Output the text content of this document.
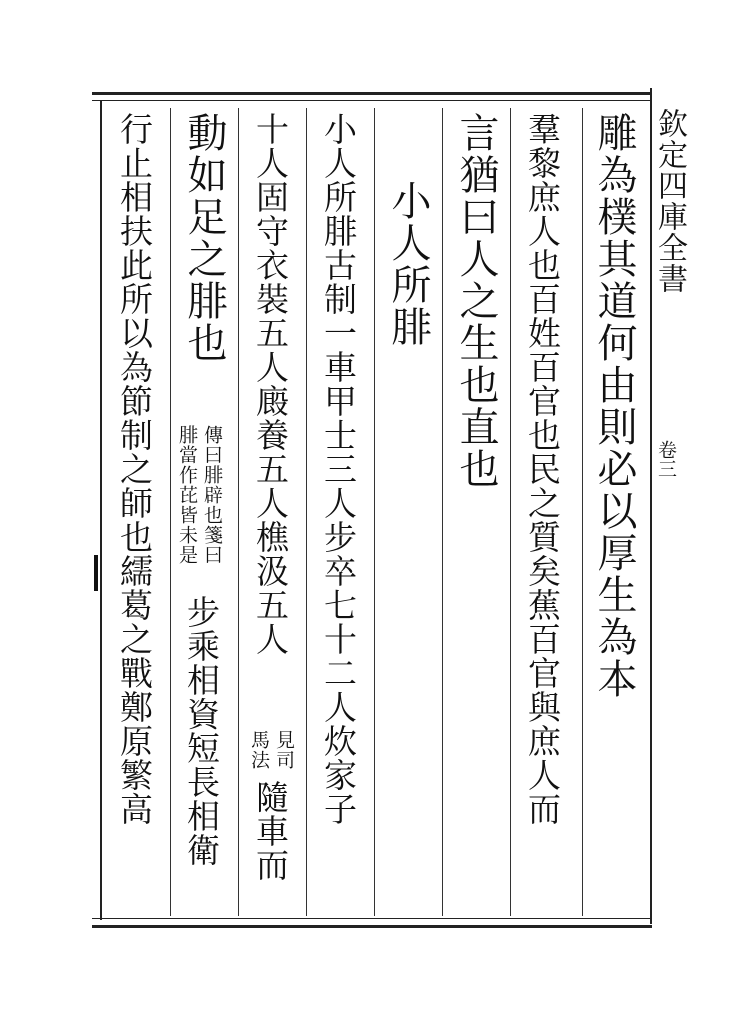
欽定四庫全書
卷三
雕為樸其道何由則必以厚生為本
羣黎庶人也百姓百官也民之質矣蕉百官與庶人而
言猶曰人之生也直也
小人所腓
小人所腓古制一車甲士三人步卒七十二人炊家子
十人固守衣裝五人廄養五人樵汲五人
見司
馬法
隨車而
動如足之腓也
傳曰腓辟也箋曰
腓當作芘皆未是
步乘相資短長相衛
行止相扶此所以為節制之師也繻葛之戰鄭原繁高
